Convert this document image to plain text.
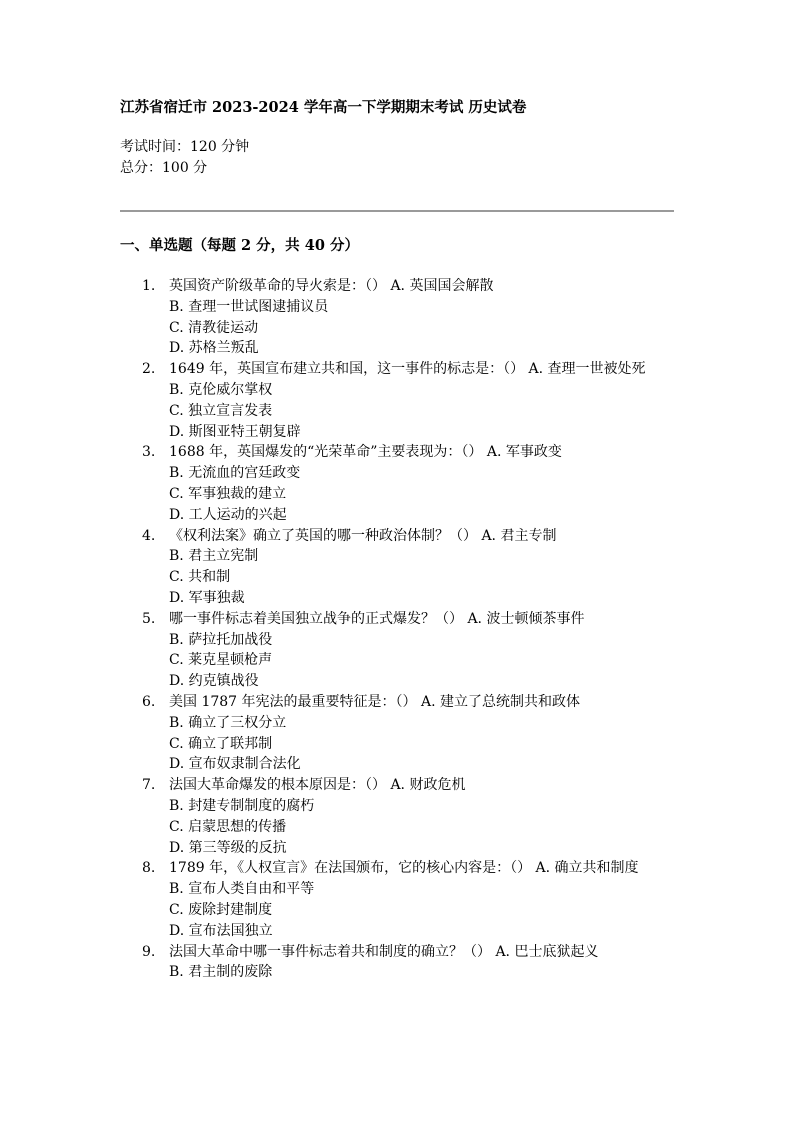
江苏省宿迁市 2023-2024 学年高一下学期期末考试 历史试卷
考试时间：120 分钟
总分：100 分
一、单选题（每题 2 分，共 40 分）
1. 英国资产阶级革命的导火索是：（） A. 英国国会解散
B. 查理一世试图逮捕议员
C. 清教徒运动
D. 苏格兰叛乱
2. 1649 年，英国宣布建立共和国，这一事件的标志是：（） A. 查理一世被处死
B. 克伦威尔掌权
C. 独立宣言发表
D. 斯图亚特王朝复辟
3. 1688 年，英国爆发的“光荣革命”主要表现为：（） A. 军事政变
B. 无流血的宫廷政变
C. 军事独裁的建立
D. 工人运动的兴起
4. 《权利法案》确立了英国的哪一种政治体制？（） A. 君主专制
B. 君主立宪制
C. 共和制
D. 军事独裁
5. 哪一事件标志着美国独立战争的正式爆发？（） A. 波士顿倾茶事件
B. 萨拉托加战役
C. 莱克星顿枪声
D. 约克镇战役
6. 美国 1787 年宪法的最重要特征是：（） A. 建立了总统制共和政体
B. 确立了三权分立
C. 确立了联邦制
D. 宣布奴隶制合法化
7. 法国大革命爆发的根本原因是：（） A. 财政危机
B. 封建专制制度的腐朽
C. 启蒙思想的传播
D. 第三等级的反抗
8. 1789 年，《人权宣言》在法国颁布，它的核心内容是：（） A. 确立共和制度
B. 宣布人类自由和平等
C. 废除封建制度
D. 宣布法国独立
9. 法国大革命中哪一事件标志着共和制度的确立？（） A. 巴士底狱起义
B. 君主制的废除
